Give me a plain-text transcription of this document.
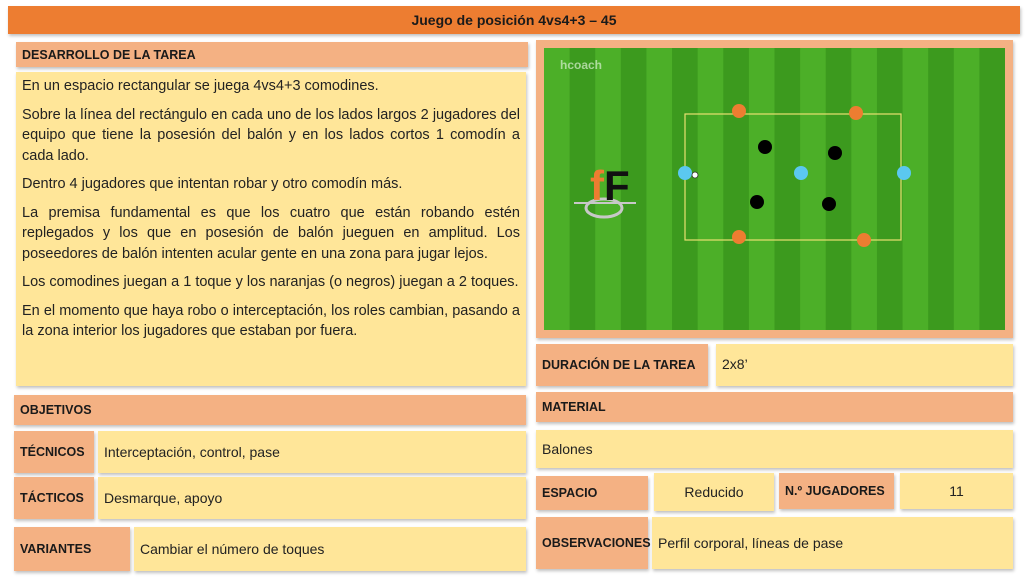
Juego de posición 4vs4+3 – 45
DESARROLLO DE LA TAREA

En un espacio rectangular se juega 4vs4+3 comodines.

Sobre la línea del rectángulo en cada uno de los lados largos 2 jugadores del equipo que tiene la posesión del balón y en los lados cortos 1 comodín a cada lado.

Dentro 4 jugadores que intentan robar y otro comodín más.

La premisa fundamental es que los cuatro que están robando estén replegados y los que en posesión de balón jueguen en amplitud. Los poseedores de balón intenten acular gente en una zona para jugar lejos.

Los comodines juegan a 1 toque y los naranjas (o negros) juegan a 2 toques.

En el momento que haya robo o interceptación, los roles cambian, pasando a la zona interior los jugadores que estaban por fuera.

hcoach
fF
DURACIÓN DE LA TAREA	2x8’
OBJETIVOS
TÉCNICOS	Interceptación, control, pase
TÁCTICOS	Desmarque, apoyo
VARIANTES	Cambiar el número de toques
MATERIAL
Balones
ESPACIO	Reducido	N.º JUGADORES	11
OBSERVACIONES Perfil corporal, líneas de pase
